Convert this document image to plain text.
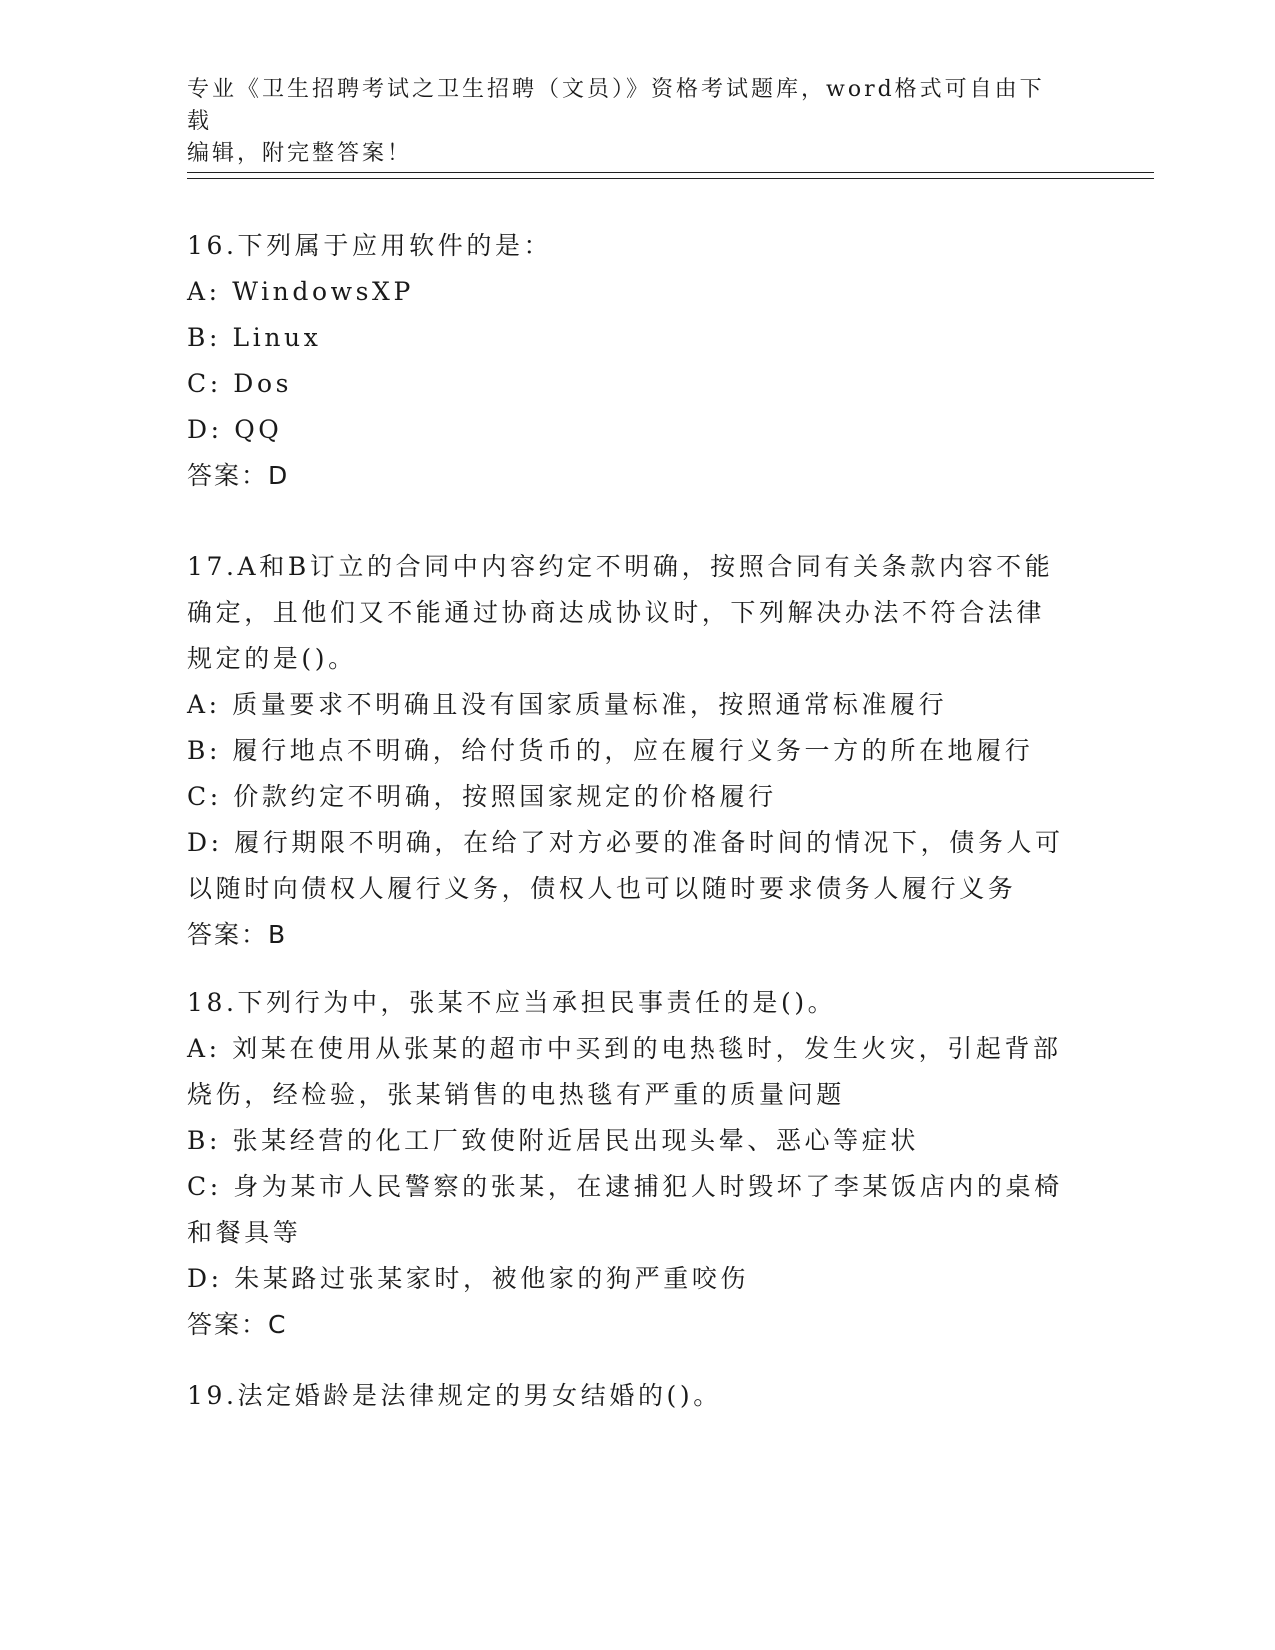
专业《卫生招聘考试之卫生招聘（文员）》资格考试题库，word格式可自由下载
编辑，附完整答案！
16.下列属于应用软件的是：
A: WindowsXP
B: Linux
C: Dos
D: QQ
答案：D
17.A和B订立的合同中内容约定不明确，按照合同有关条款内容不能
确定，且他们又不能通过协商达成协议时，下列解决办法不符合法律
规定的是()。
A: 质量要求不明确且没有国家质量标准，按照通常标准履行
B: 履行地点不明确，给付货币的，应在履行义务一方的所在地履行
C: 价款约定不明确，按照国家规定的价格履行
D: 履行期限不明确，在给了对方必要的准备时间的情况下，债务人可
以随时向债权人履行义务，债权人也可以随时要求债务人履行义务
答案：B
18.下列行为中，张某不应当承担民事责任的是()。
A: 刘某在使用从张某的超市中买到的电热毯时，发生火灾，引起背部
烧伤，经检验，张某销售的电热毯有严重的质量问题
B: 张某经营的化工厂致使附近居民出现头晕、恶心等症状
C: 身为某市人民警察的张某，在逮捕犯人时毁坏了李某饭店内的桌椅
和餐具等
D: 朱某路过张某家时，被他家的狗严重咬伤
答案：C
19.法定婚龄是法律规定的男女结婚的()。
